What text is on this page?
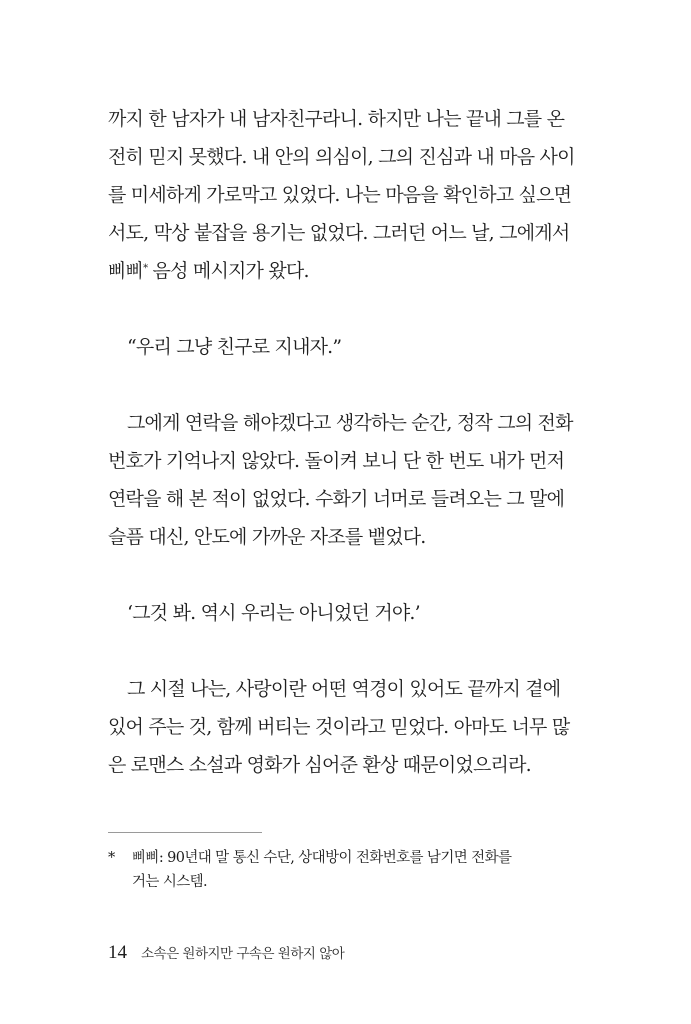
까지 한 남자가 내 남자친구라니. 하지만 나는 끝내 그를 온
전히 믿지 못했다. 내 안의 의심이, 그의 진심과 내 마음 사이
를 미세하게 가로막고 있었다. 나는 마음을 확인하고 싶으면
서도, 막상 붙잡을 용기는 없었다. 그러던 어느 날, 그에게서
삐삐* 음성 메시지가 왔다.

“우리 그냥 친구로 지내자.”

그에게 연락을 해야겠다고 생각하는 순간, 정작 그의 전화
번호가 기억나지 않았다. 돌이켜 보니 단 한 번도 내가 먼저
연락을 해 본 적이 없었다. 수화기 너머로 들려오는 그 말에
슬픔 대신, 안도에 가까운 자조를 뱉었다.

‘그것 봐. 역시 우리는 아니었던 거야.’

그 시절 나는, 사랑이란 어떤 역경이 있어도 끝까지 곁에
있어 주는 것, 함께 버티는 것이라고 믿었다. 아마도 너무 많
은 로맨스 소설과 영화가 심어준 환상 때문이었으리라.

* 삐삐: 90년대 말 통신 수단, 상대방이 전화번호를 남기면 전화를
거는 시스템.
14 소속은 원하지만 구속은 원하지 않아
